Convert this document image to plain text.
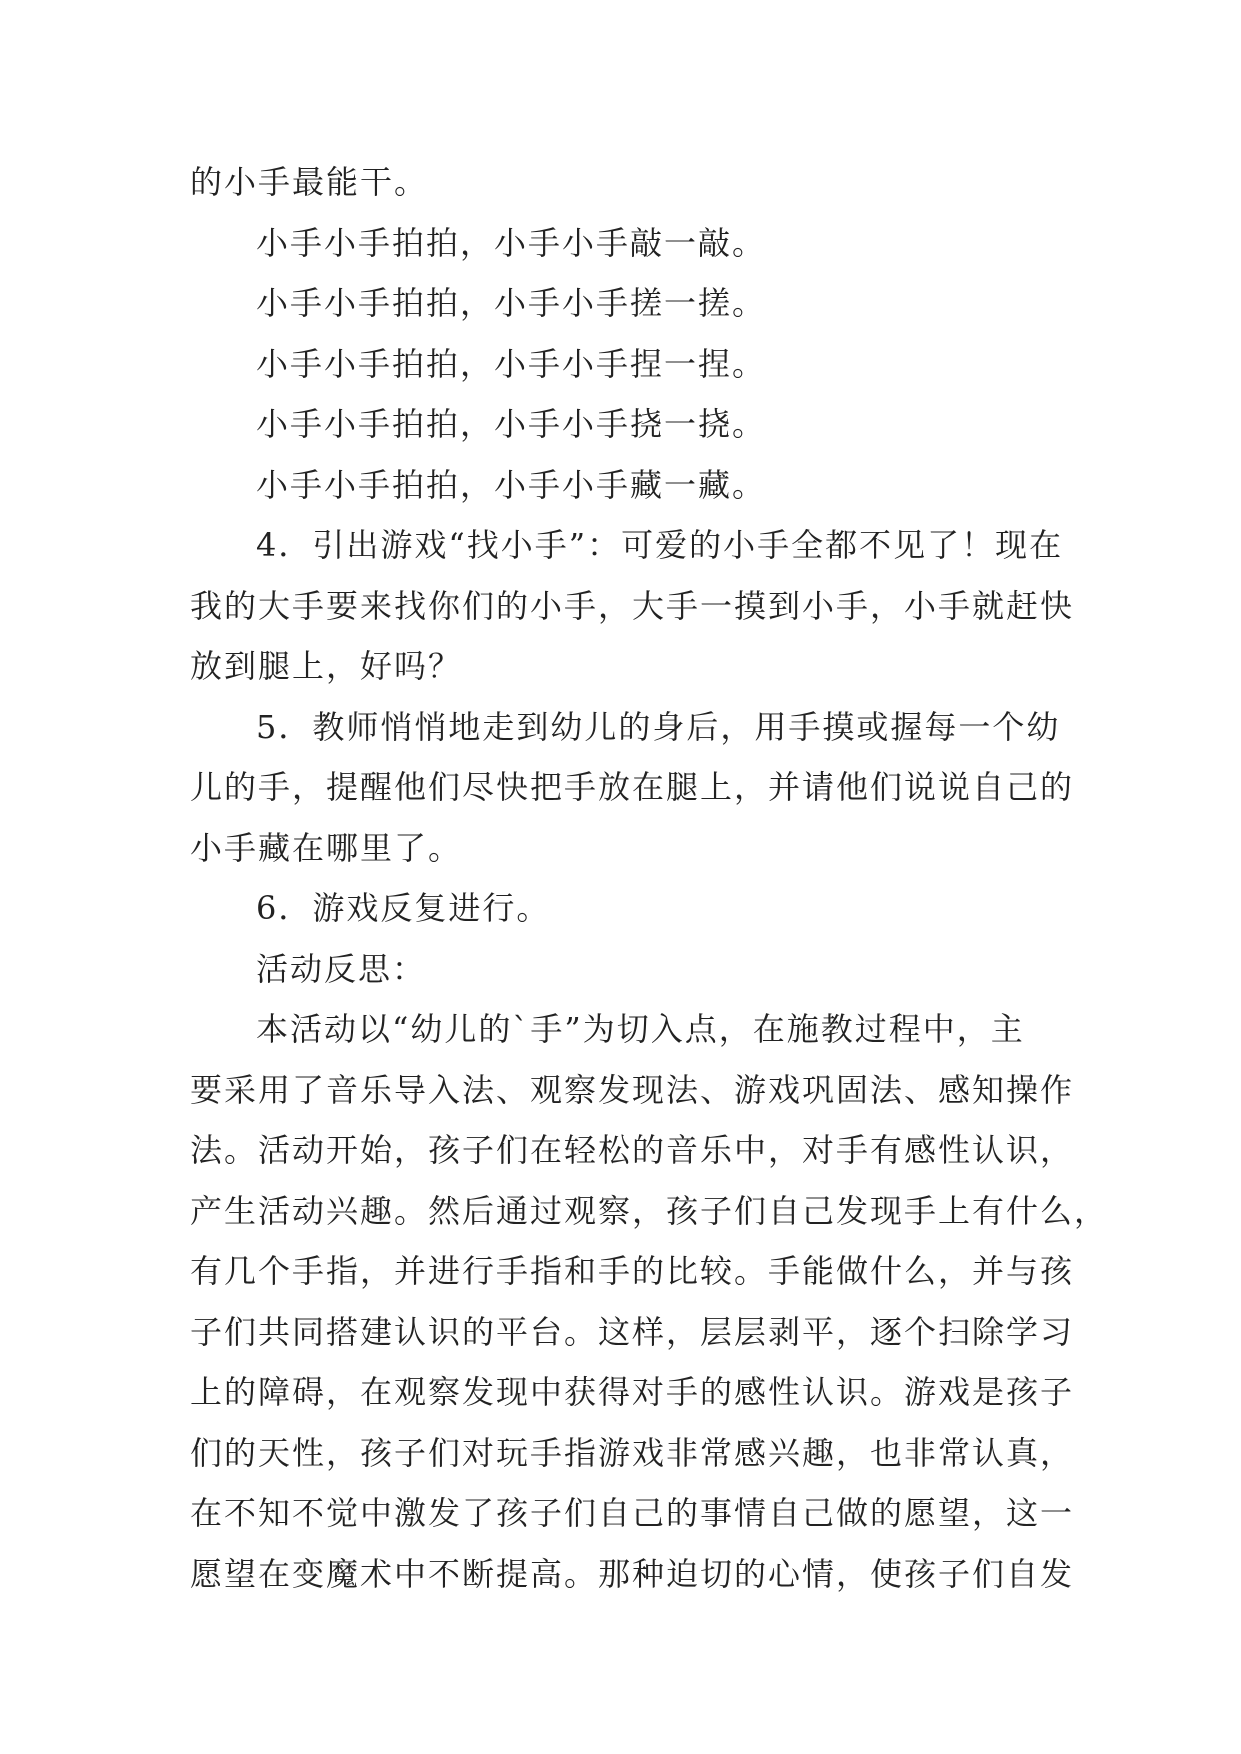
的小手最能干。

小手小手拍拍，小手小手敲一敲。

小手小手拍拍，小手小手搓一搓。

小手小手拍拍，小手小手捏一捏。

小手小手拍拍，小手小手挠一挠。

小手小手拍拍，小手小手藏一藏。

4．引出游戏“找小手”：可爱的小手全都不见了！现在

我的大手要来找你们的小手，大手一摸到小手，小手就赶快

放到腿上，好吗？

5．教师悄悄地走到幼儿的身后，用手摸或握每一个幼

儿的手，提醒他们尽快把手放在腿上，并请他们说说自己的

小手藏在哪里了。

6．游戏反复进行。

活动反思：

本活动以“幼儿的`手”为切入点，在施教过程中，主

要采用了音乐导入法、观察发现法、游戏巩固法、感知操作

法。活动开始，孩子们在轻松的音乐中，对手有感性认识，

产生活动兴趣。然后通过观察，孩子们自己发现手上有什么，

有几个手指，并进行手指和手的比较。手能做什么，并与孩

子们共同搭建认识的平台。这样，层层剥平，逐个扫除学习

上的障碍，在观察发现中获得对手的感性认识。游戏是孩子

们的天性，孩子们对玩手指游戏非常感兴趣，也非常认真，

在不知不觉中激发了孩子们自己的事情自己做的愿望，这一

愿望在变魔术中不断提高。那种迫切的心情，使孩子们自发
